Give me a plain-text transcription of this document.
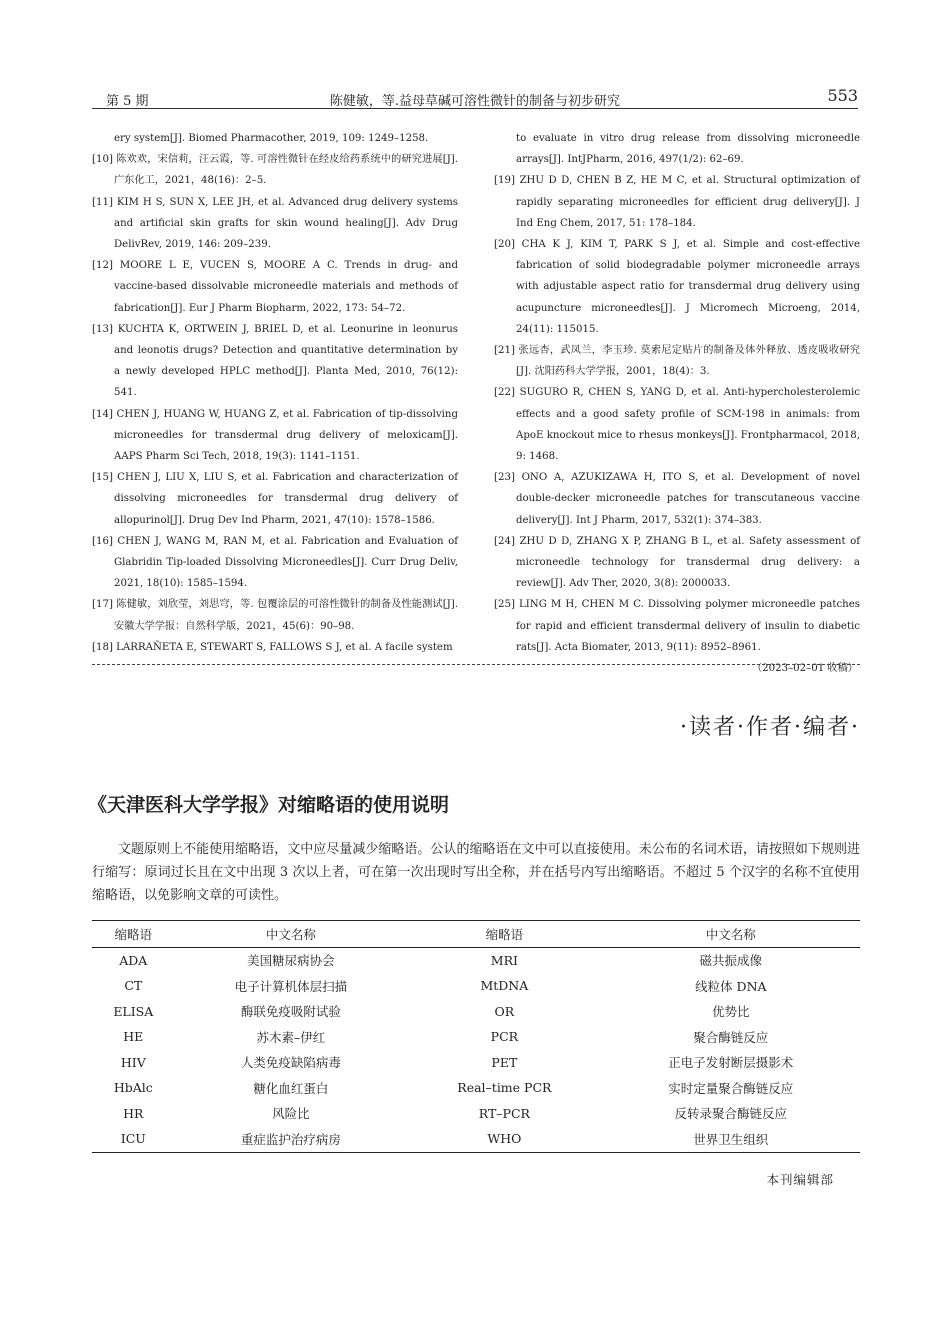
第 5 期	陈健敏，等.益母草碱可溶性微针的制备与初步研究	553
ery system[J]. Biomed Pharmacother, 2019, 109: 1249–1258.
[10] 陈欢欢，宋信莉，汪云霞，等. 可溶性微针在经皮给药系统中的研究进展[J]. 广东化工，2021，48(16)：2–5.
[11] KIM H S, SUN X, LEE JH, et al. Advanced drug delivery systems and artificial skin grafts for skin wound healing[J]. Adv Drug DelivRev, 2019, 146: 209–239.
[12] MOORE L E, VUCEN S, MOORE A C. Trends in drug- and vaccine-based dissolvable microneedle materials and methods of fabrication[J]. Eur J Pharm Biopharm, 2022, 173: 54–72.
[13] KUCHTA K, ORTWEIN J, BRIEL D, et al. Leonurine in leonurus and leonotis drugs? Detection and quantitative determination by a newly developed HPLC method[J]. Planta Med, 2010, 76(12): 541.
[14] CHEN J, HUANG W, HUANG Z, et al. Fabrication of tip-dissolving microneedles for transdermal drug delivery of meloxicam[J]. AAPS Pharm Sci Tech, 2018, 19(3): 1141–1151.
[15] CHEN J, LIU X, LIU S, et al. Fabrication and characterization of dissolving microneedles for transdermal drug delivery of allopurinol[J]. Drug Dev Ind Pharm, 2021, 47(10): 1578–1586.
[16] CHEN J, WANG M, RAN M, et al. Fabrication and Evaluation of Glabridin Tip-loaded Dissolving Microneedles[J]. Curr Drug Deliv, 2021, 18(10): 1585–1594.
[17] 陈健敏，刘欣莹，刘思穹，等. 包覆涂层的可溶性微针的制备及性能测试[J]. 安徽大学学报：自然科学版，2021，45(6)：90–98.
[18] LARRAÑETA E, STEWART S, FALLOWS S J, et al. A facile system
to evaluate in vitro drug release from dissolving microneedle arrays[J]. IntJPharm, 2016, 497(1/2): 62–69.
[19] ZHU D D, CHEN B Z, HE M C, et al. Structural optimization of rapidly separating microneedles for efficient drug delivery[J]. J Ind Eng Chem, 2017, 51: 178–184.
[20] CHA K J, KIM T, PARK S J, et al. Simple and cost-effective fabrication of solid biodegradable polymer microneedle arrays with adjustable aspect ratio for transdermal drug delivery using acupuncture microneedles[J]. J Micromech Microeng, 2014, 24(11): 115015.
[21] 张远杏，武凤兰，李玉珍. 莫索尼定贴片的制备及体外释放、透皮吸收研究[J]. 沈阳药科大学学报，2001，18(4)：3.
[22] SUGURO R, CHEN S, YANG D, et al. Anti-hypercholesterolemic effects and a good safety profile of SCM-198 in animals: from ApoE knockout mice to rhesus monkeys[J]. Frontpharmacol, 2018, 9: 1468.
[23] ONO A, AZUKIZAWA H, ITO S, et al. Development of novel double-decker microneedle patches for transcutaneous vaccine delivery[J]. Int J Pharm, 2017, 532(1): 374–383.
[24] ZHU D D, ZHANG X P, ZHANG B L, et al. Safety assessment of microneedle technology for transdermal drug delivery: a review[J]. Adv Ther, 2020, 3(8): 2000033.
[25] LING M H, CHEN M C. Dissolving polymer microneedle patches for rapid and efficient transdermal delivery of insulin to diabetic rats[J]. Acta Biomater, 2013, 9(11): 8952–8961.
（2023–02–01 收稿）
·读者·作者·编者·
《天津医科大学学报》对缩略语的使用说明
文题原则上不能使用缩略语，文中应尽量减少缩略语。公认的缩略语在文中可以直接使用。未公布的名词术语，请按照如下规则进行缩写：原词过长且在文中出现 3 次以上者，可在第一次出现时写出全称，并在括号内写出缩略语。不超过 5 个汉字的名称不宜使用缩略语，以免影响文章的可读性。
缩略语	中文名称	缩略语	中文名称
ADA	美国糖尿病协会	MRI	磁共振成像
CT	电子计算机体层扫描	MtDNA	线粒体 DNA
ELISA	酶联免疫吸附试验	OR	优势比
HE	苏木素–伊红	PCR	聚合酶链反应
HIV	人类免疫缺陷病毒	PET	正电子发射断层摄影术
HbAlc	糖化血红蛋白	Real–time PCR	实时定量聚合酶链反应
HR	风险比	RT–PCR	反转录聚合酶链反应
ICU	重症监护治疗病房	WHO	世界卫生组织
本刊编辑部
